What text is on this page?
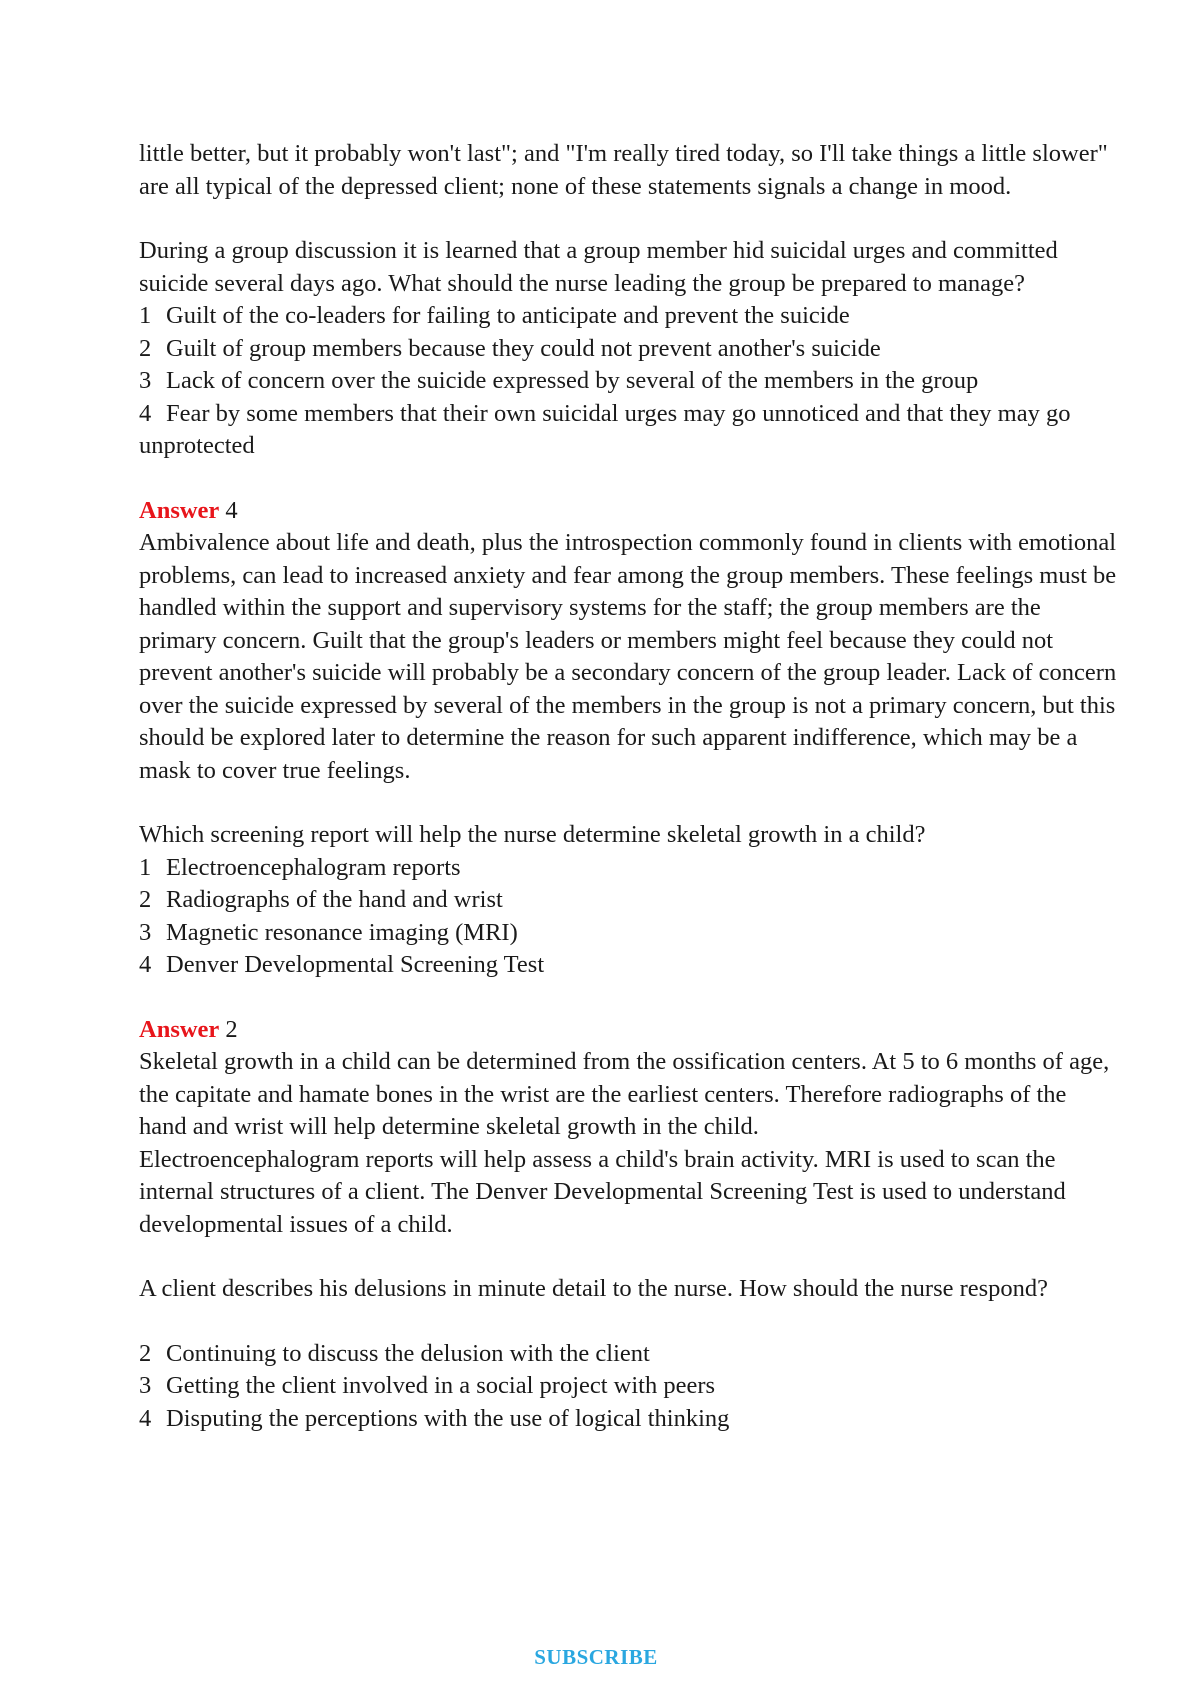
little better, but it probably won't last"; and "I'm really tired today, so I'll take things a little slower" are all typical of the depressed client; none of these statements signals a change in mood.

During a group discussion it is learned that a group member hid suicidal urges and committed suicide several days ago. What should the nurse leading the group be prepared to manage?

1 Guilt of the co-leaders for failing to anticipate and prevent the suicide
2 Guilt of group members because they could not prevent another's suicide
3 Lack of concern over the suicide expressed by several of the members in the group
4 Fear by some members that their own suicidal urges may go unnoticed and that they may go unprotected

Answer 4

Ambivalence about life and death, plus the introspection commonly found in clients with emotional problems, can lead to increased anxiety and fear among the group members. These feelings must be handled within the support and supervisory systems for the staff; the group members are the primary concern. Guilt that the group's leaders or members might feel because they could not prevent another's suicide will probably be a secondary concern of the group leader. Lack of concern over the suicide expressed by several of the members in the group is not a primary concern, but this should be explored later to determine the reason for such apparent indifference, which may be a mask to cover true feelings.

Which screening report will help the nurse determine skeletal growth in a child?

1 Electroencephalogram reports
2 Radiographs of the hand and wrist
3 Magnetic resonance imaging (MRI)
4 Denver Developmental Screening Test

Answer 2

Skeletal growth in a child can be determined from the ossification centers. At 5 to 6 months of age, the capitate and hamate bones in the wrist are the earliest centers. Therefore radiographs of the hand and wrist will help determine skeletal growth in the child.

Electroencephalogram reports will help assess a child's brain activity. MRI is used to scan the internal structures of a client. The Denver Developmental Screening Test is used to understand developmental issues of a child.

A client describes his delusions in minute detail to the nurse. How should the nurse respond?

2 Continuing to discuss the delusion with the client
3 Getting the client involved in a social project with peers
4 Disputing the perceptions with the use of logical thinking
SUBSCRIBE
